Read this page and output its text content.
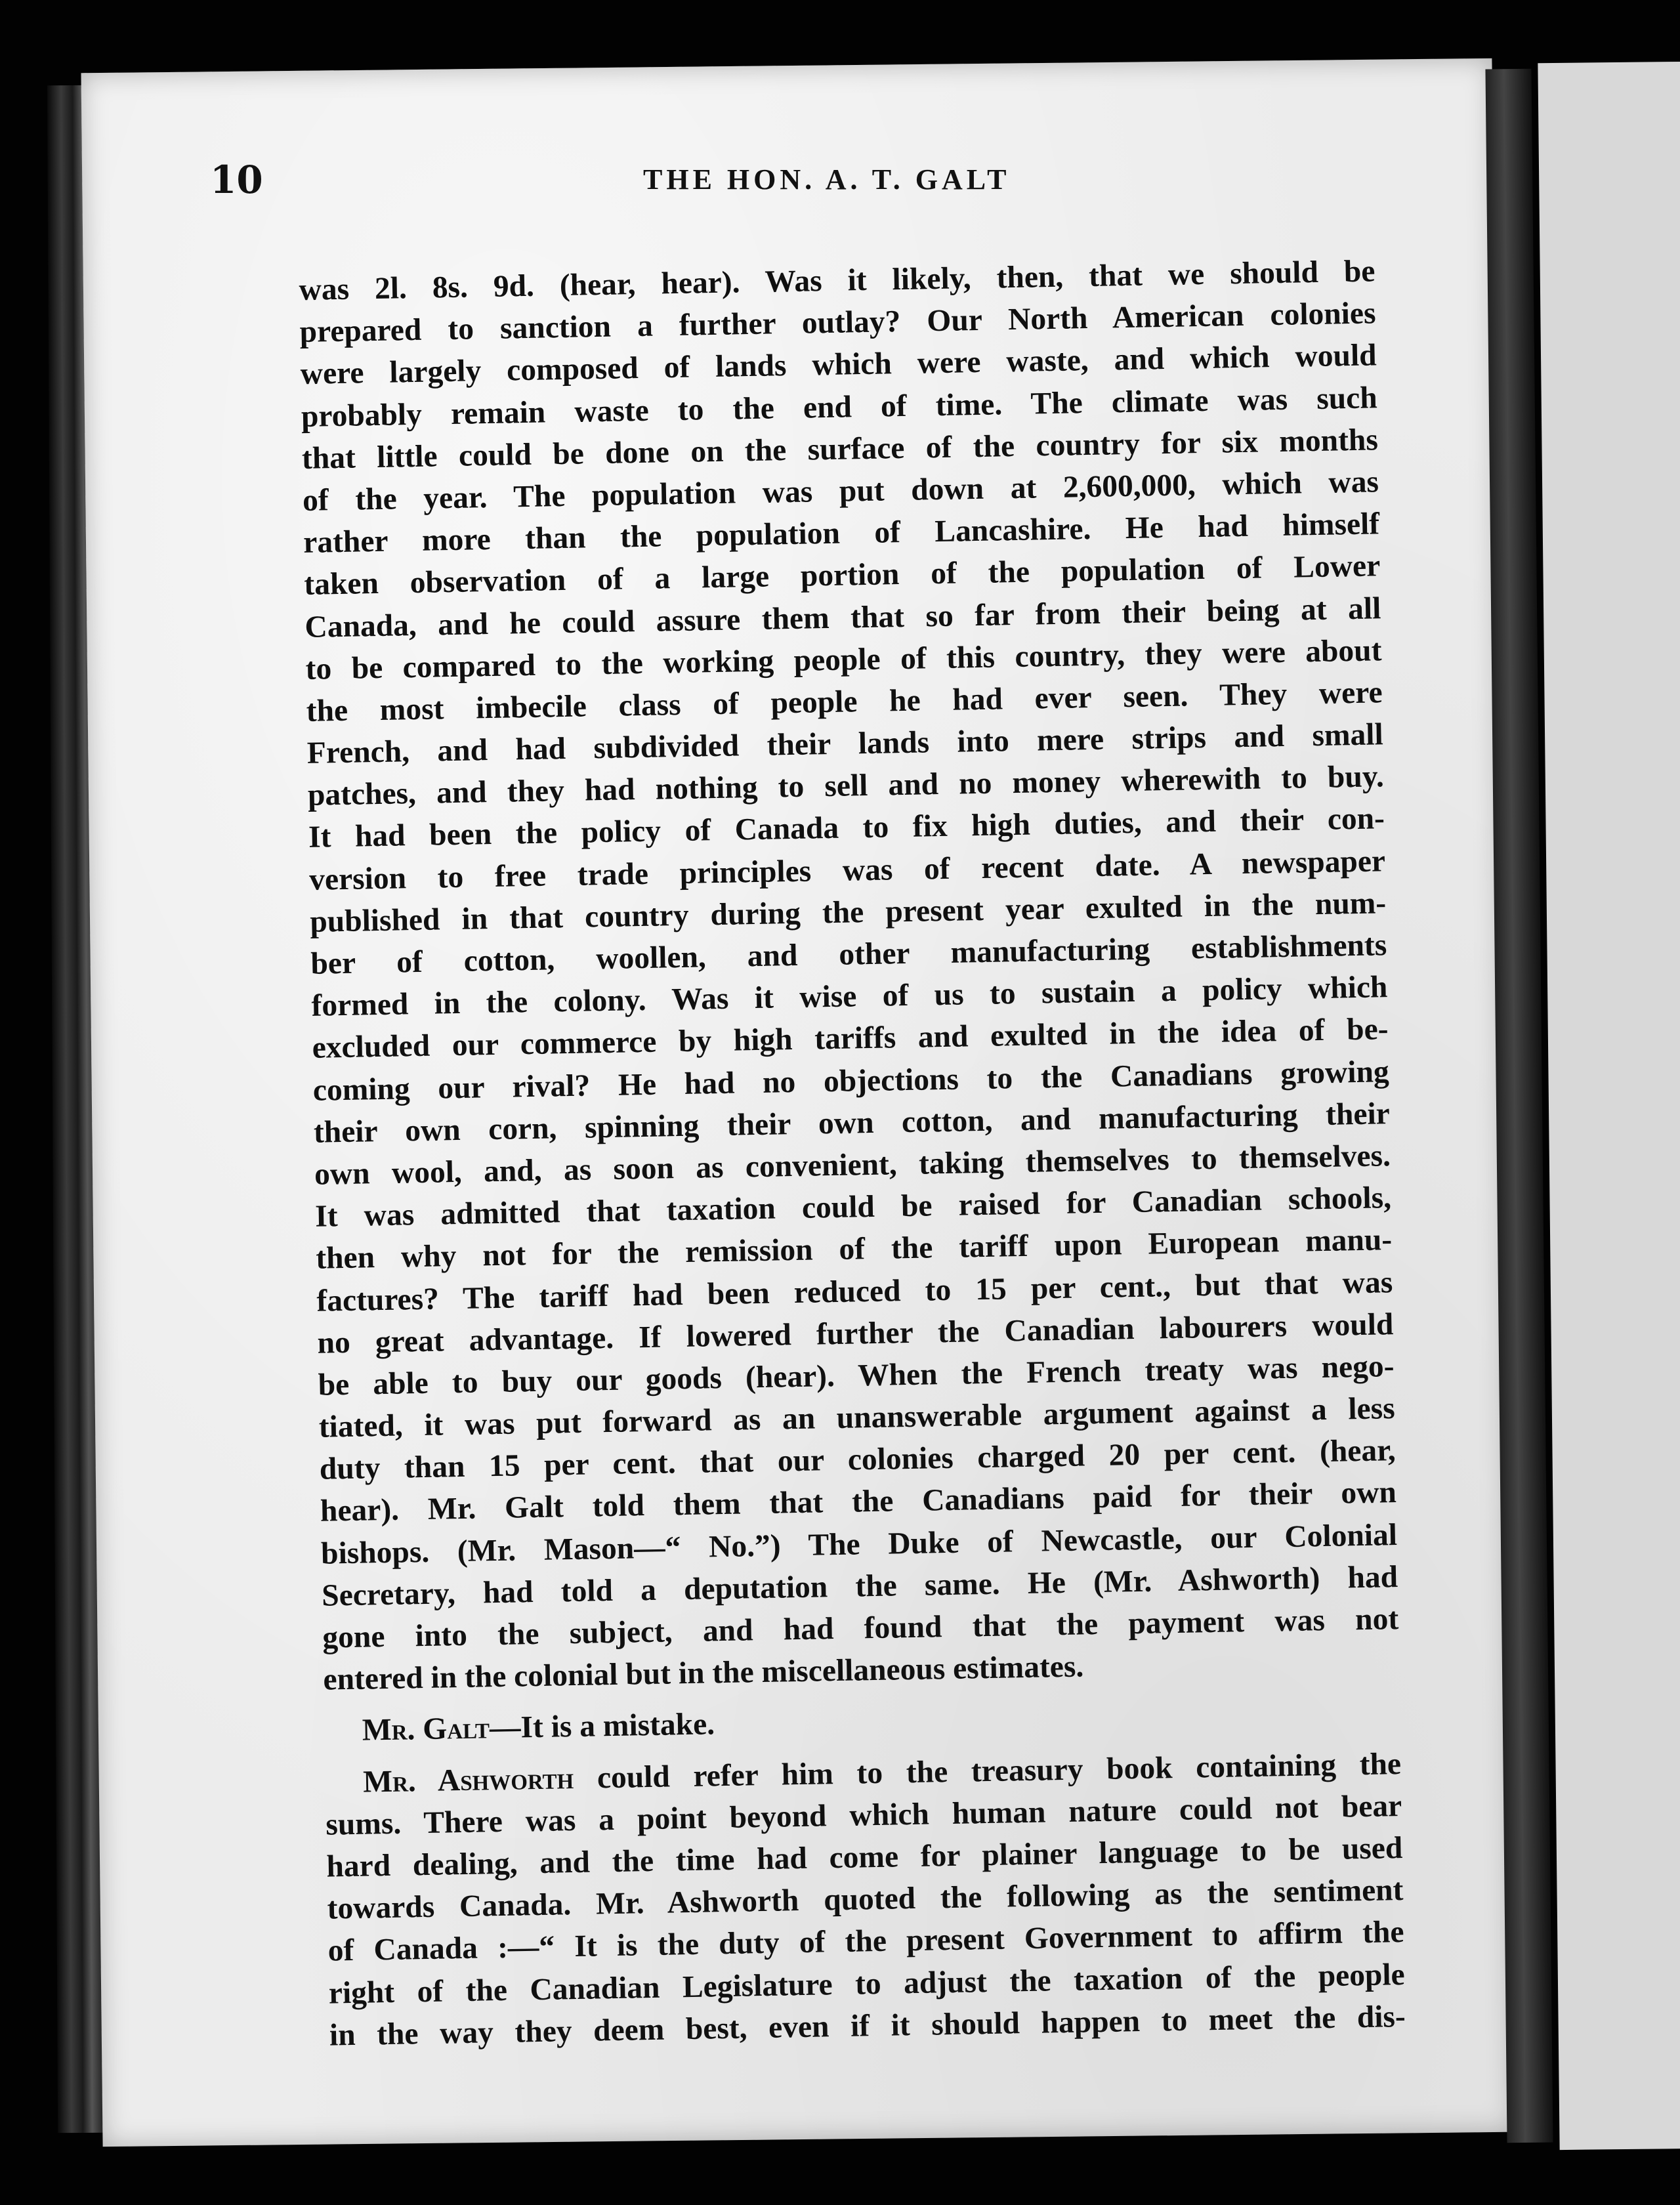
10	THE HON. A. T. GALT
was 2l. 8s. 9d. (hear, hear). Was it likely, then, that we should be
prepared to sanction a further outlay? Our North American colonies
were largely composed of lands which were waste, and which would
probably remain waste to the end of time. The climate was such
that little could be done on the surface of the country for six months
of the year. The population was put down at 2,600,000, which was
rather more than the population of Lancashire. He had himself
taken observation of a large portion of the population of Lower
Canada, and he could assure them that so far from their being at all
to be compared to the working people of this country, they were about
the most imbecile class of people he had ever seen. They were
French, and had subdivided their lands into mere strips and small
patches, and they had nothing to sell and no money wherewith to buy.
It had been the policy of Canada to fix high duties, and their con-
version to free trade principles was of recent date. A newspaper
published in that country during the present year exulted in the num-
ber of cotton, woollen, and other manufacturing establishments
formed in the colony. Was it wise of us to sustain a policy which
excluded our commerce by high tariffs and exulted in the idea of be-
coming our rival? He had no objections to the Canadians growing
their own corn, spinning their own cotton, and manufacturing their
own wool, and, as soon as convenient, taking themselves to themselves.
It was admitted that taxation could be raised for Canadian schools,
then why not for the remission of the tariff upon European manu-
factures? The tariff had been reduced to 15 per cent., but that was
no great advantage. If lowered further the Canadian labourers would
be able to buy our goods (hear). When the French treaty was nego-
tiated, it was put forward as an unanswerable argument against a less
duty than 15 per cent. that our colonies charged 20 per cent. (hear,
hear). Mr. Galt told them that the Canadians paid for their own
bishops. (Mr. Mason—“ No.”) The Duke of Newcastle, our Colonial
Secretary, had told a deputation the same. He (Mr. Ashworth) had
gone into the subject, and had found that the payment was not
entered in the colonial but in the miscellaneous estimates.
Mr. Galt—It is a mistake.
Mr. Ashworth could refer him to the treasury book containing the
sums. There was a point beyond which human nature could not bear
hard dealing, and the time had come for plainer language to be used
towards Canada. Mr. Ashworth quoted the following as the sentiment
of Canada :—“ It is the duty of the present Government to affirm the
right of the Canadian Legislature to adjust the taxation of the people
in the way they deem best, even if it should happen to meet the dis-
